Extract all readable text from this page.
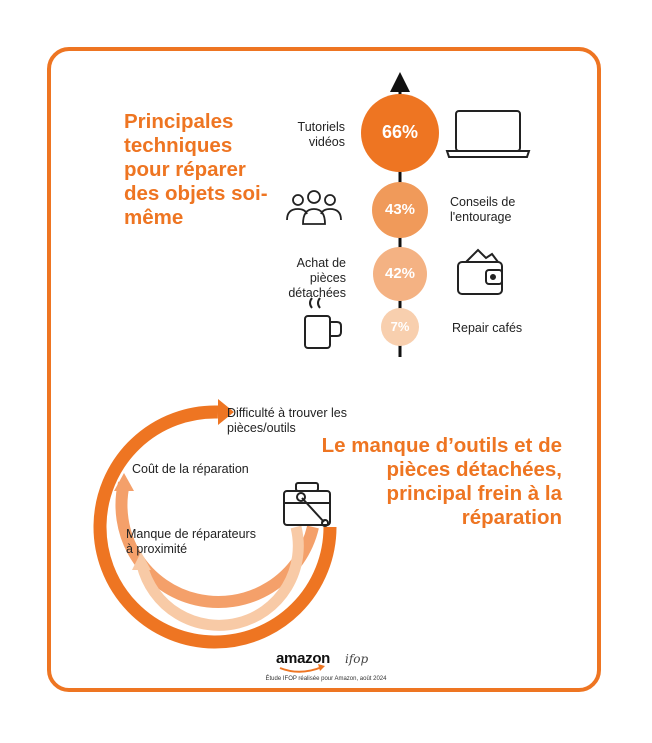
Principales techniques pour réparer des objets soi-même
Tutoriels vidéos	66%
Conseils de l'entourage
43%
Achat de pièces détachées
42%
Repair cafés
7%
Difficulté à trouver les pièces/outils
Coût de la réparation
Manque de réparateurs à proximité
Le manque d’outils et de pièces détachées, principal frein à la réparation
amazon ifop
Étude IFOP réalisée pour Amazon, août 2024
